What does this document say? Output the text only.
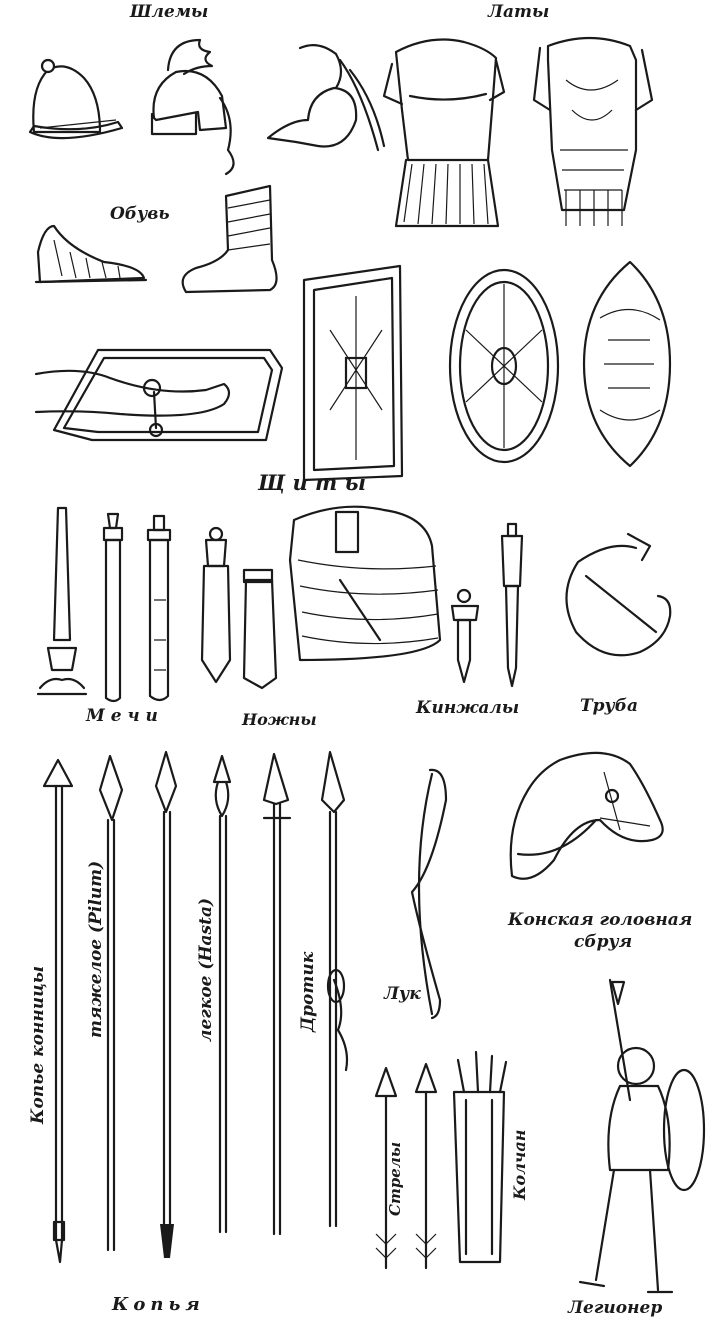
Шлемы	Латы

Обувь

Щ и т ы

М е ч и	Ножны

Кинжалы	Труба

Копье конницы

тяжелое (Pilum)	легкое (Hasta)	Дротик	Лук

Конская головная

сбруя

Стрелы	Колчан

Копья	Легионер
